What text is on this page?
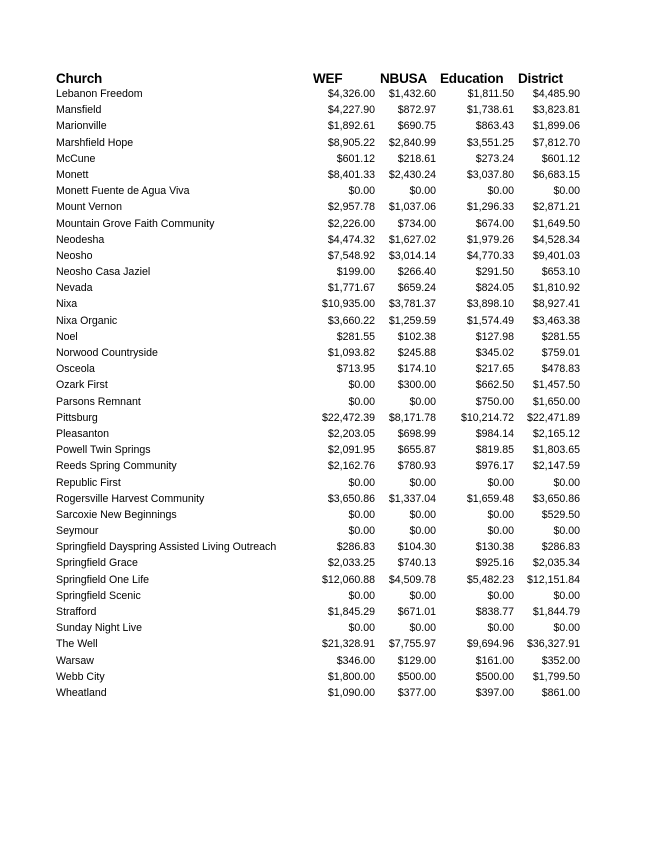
Church	WEF	NBUSA	Education	District
Lebanon Freedom	$4,326.00	$1,432.60	$1,811.50	$4,485.90
Mansfield	$4,227.90	$872.97	$1,738.61	$3,823.81
Marionville	$1,892.61	$690.75	$863.43	$1,899.06
Marshfield Hope	$8,905.22	$2,840.99	$3,551.25	$7,812.70
McCune	$601.12	$218.61	$273.24	$601.12
Monett	$8,401.33	$2,430.24	$3,037.80	$6,683.15
Monett Fuente de Agua Viva	$0.00	$0.00	$0.00	$0.00
Mount Vernon	$2,957.78	$1,037.06	$1,296.33	$2,871.21
Mountain Grove Faith Community	$2,226.00	$734.00	$674.00	$1,649.50
Neodesha	$4,474.32	$1,627.02	$1,979.26	$4,528.34
Neosho	$7,548.92	$3,014.14	$4,770.33	$9,401.03
Neosho Casa Jaziel	$199.00	$266.40	$291.50	$653.10
Nevada	$1,771.67	$659.24	$824.05	$1,810.92
Nixa	$10,935.00	$3,781.37	$3,898.10	$8,927.41
Nixa Organic	$3,660.22	$1,259.59	$1,574.49	$3,463.38
Noel	$281.55	$102.38	$127.98	$281.55
Norwood Countryside	$1,093.82	$245.88	$345.02	$759.01
Osceola	$713.95	$174.10	$217.65	$478.83
Ozark First	$0.00	$300.00	$662.50	$1,457.50
Parsons Remnant	$0.00	$0.00	$750.00	$1,650.00
Pittsburg	$22,472.39	$8,171.78	$10,214.72	$22,471.89
Pleasanton	$2,203.05	$698.99	$984.14	$2,165.12
Powell Twin Springs	$2,091.95	$655.87	$819.85	$1,803.65
Reeds Spring Community	$2,162.76	$780.93	$976.17	$2,147.59
Republic First	$0.00	$0.00	$0.00	$0.00
Rogersville Harvest Community	$3,650.86	$1,337.04	$1,659.48	$3,650.86
Sarcoxie New Beginnings	$0.00	$0.00	$0.00	$529.50
Seymour	$0.00	$0.00	$0.00	$0.00
Springfield Dayspring Assisted Living Outreach	$286.83	$104.30	$130.38	$286.83
Springfield Grace	$2,033.25	$740.13	$925.16	$2,035.34
Springfield One Life	$12,060.88	$4,509.78	$5,482.23	$12,151.84
Springfield Scenic	$0.00	$0.00	$0.00	$0.00
Strafford	$1,845.29	$671.01	$838.77	$1,844.79
Sunday Night Live	$0.00	$0.00	$0.00	$0.00
The Well	$21,328.91	$7,755.97	$9,694.96	$36,327.91
Warsaw	$346.00	$129.00	$161.00	$352.00
Webb City	$1,800.00	$500.00	$500.00	$1,799.50
Wheatland	$1,090.00	$377.00	$397.00	$861.00
